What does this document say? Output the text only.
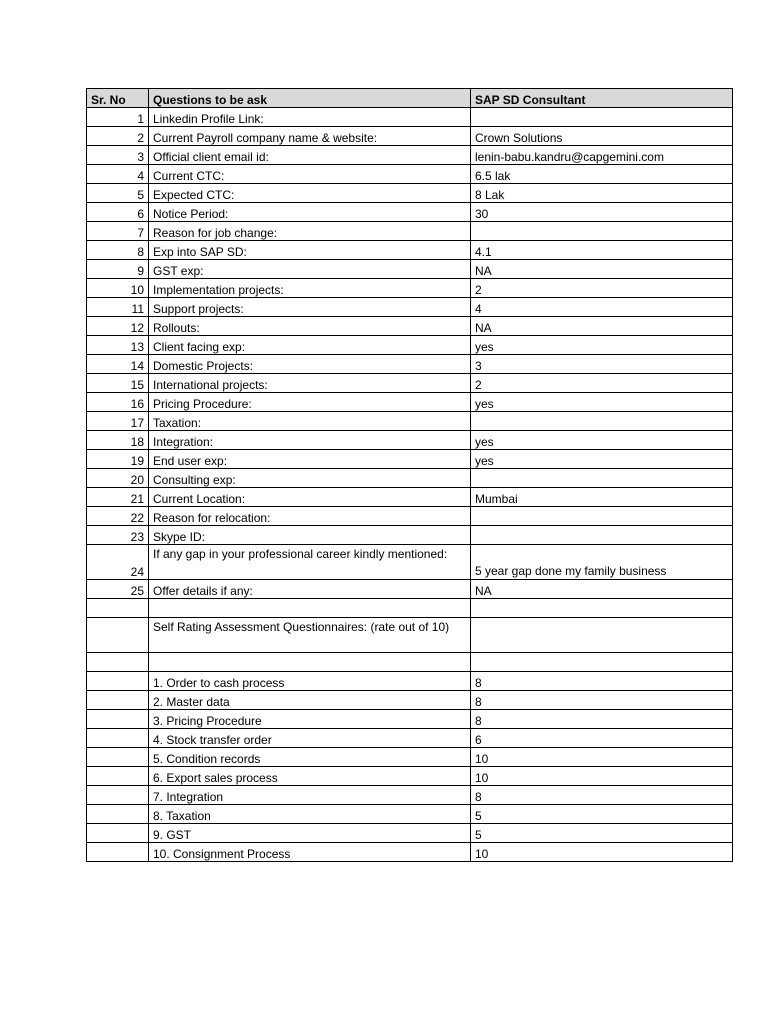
Sr. No	Questions to be ask	SAP SD Consultant
1	Linkedin Profile Link:	
2	Current Payroll company name & website:	Crown Solutions
3	Official client email id:	lenin-babu.kandru@capgemini.com
4	Current CTC:	6.5 lak
5	Expected CTC:	8 Lak
6	Notice Period:	30
7	Reason for job change:	
8	Exp into SAP SD:	4.1
9	GST exp:	NA
10	Implementation projects:	2
11	Support projects:	4
12	Rollouts:	NA
13	Client facing exp:	yes
14	Domestic Projects:	3
15	International projects:	2
16	Pricing Procedure:	yes
17	Taxation:	
18	Integration:	yes
19	End user exp:	yes
20	Consulting exp:	
21	Current Location:	Mumbai
22	Reason for relocation:	
23	Skype ID:	
24	If any gap in your professional career kindly mentioned:	5 year gap done my family business
25	Offer details if any:	NA

	Self Rating Assessment Questionnaires: (rate out of 10)	

	1. Order to cash process	8
	2. Master data	8
	3. Pricing Procedure	8
	4. Stock transfer order	6
	5. Condition records	10
	6. Export sales process	10
	7. Integration	8
	8. Taxation	5
	9. GST	5
	10. Consignment Process	10
